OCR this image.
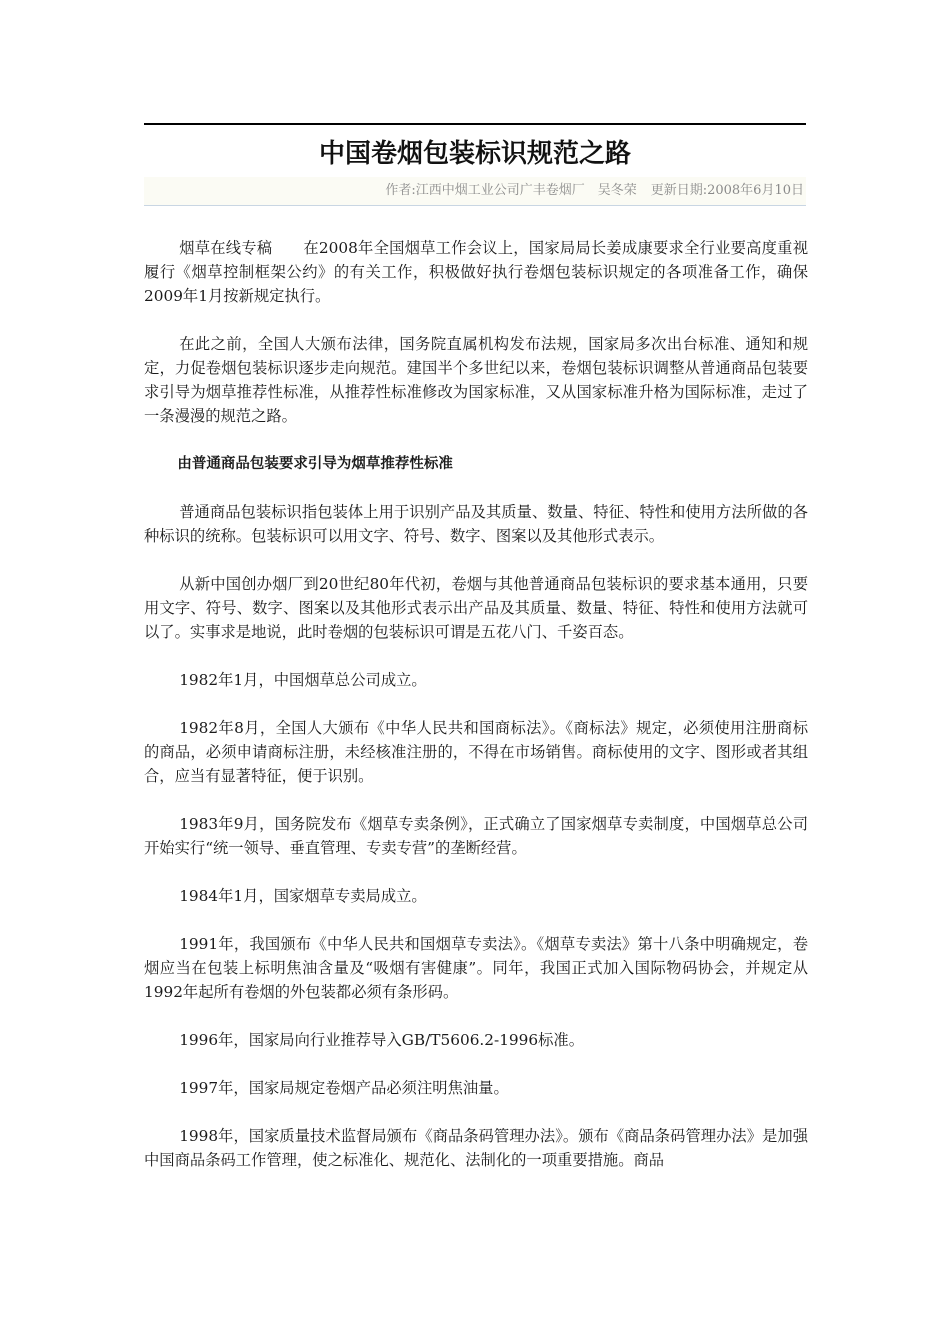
中国卷烟包装标识规范之路
作者:江西中烟工业公司广丰卷烟厂　吴冬荣 更新日期:2008年6月10日

烟草在线专稿　　在2008年全国烟草工作会议上，国家局局长姜成康要求全行业要高度重视履行《烟草控制框架公约》的有关工作，积极做好执行卷烟包装标识规定的各项准备工作，确保2009年1月按新规定执行。

在此之前，全国人大颁布法律，国务院直属机构发布法规，国家局多次出台标准、通知和规定，力促卷烟包装标识逐步走向规范。建国半个多世纪以来，卷烟包装标识调整从普通商品包装要求引导为烟草推荐性标准，从推荐性标准修改为国家标准，又从国家标准升格为国际标准，走过了一条漫漫的规范之路。

由普通商品包装要求引导为烟草推荐性标准

普通商品包装标识指包装体上用于识别产品及其质量、数量、特征、特性和使用方法所做的各种标识的统称。包装标识可以用文字、符号、数字、图案以及其他形式表示。

从新中国创办烟厂到20世纪80年代初，卷烟与其他普通商品包装标识的要求基本通用，只要用文字、符号、数字、图案以及其他形式表示出产品及其质量、数量、特征、特性和使用方法就可以了。实事求是地说，此时卷烟的包装标识可谓是五花八门、千姿百态。

1982年1月，中国烟草总公司成立。

1982年8月，全国人大颁布《中华人民共和国商标法》。《商标法》规定，必须使用注册商标的商品，必须申请商标注册，未经核准注册的，不得在市场销售。商标使用的文字、图形或者其组合，应当有显著特征，便于识别。

1983年9月，国务院发布《烟草专卖条例》，正式确立了国家烟草专卖制度，中国烟草总公司开始实行“统一领导、垂直管理、专卖专营”的垄断经营。

1984年1月，国家烟草专卖局成立。

1991年，我国颁布《中华人民共和国烟草专卖法》。《烟草专卖法》第十八条中明确规定，卷烟应当在包装上标明焦油含量及“吸烟有害健康”。同年，我国正式加入国际物码协会，并规定从1992年起所有卷烟的外包装都必须有条形码。

1996年，国家局向行业推荐导入GB/T5606.2-1996标准。

1997年，国家局规定卷烟产品必须注明焦油量。

1998年，国家质量技术监督局颁布《商品条码管理办法》。颁布《商品条码管理办法》是加强中国商品条码工作管理，使之标准化、规范化、法制化的一项重要措施。商品
